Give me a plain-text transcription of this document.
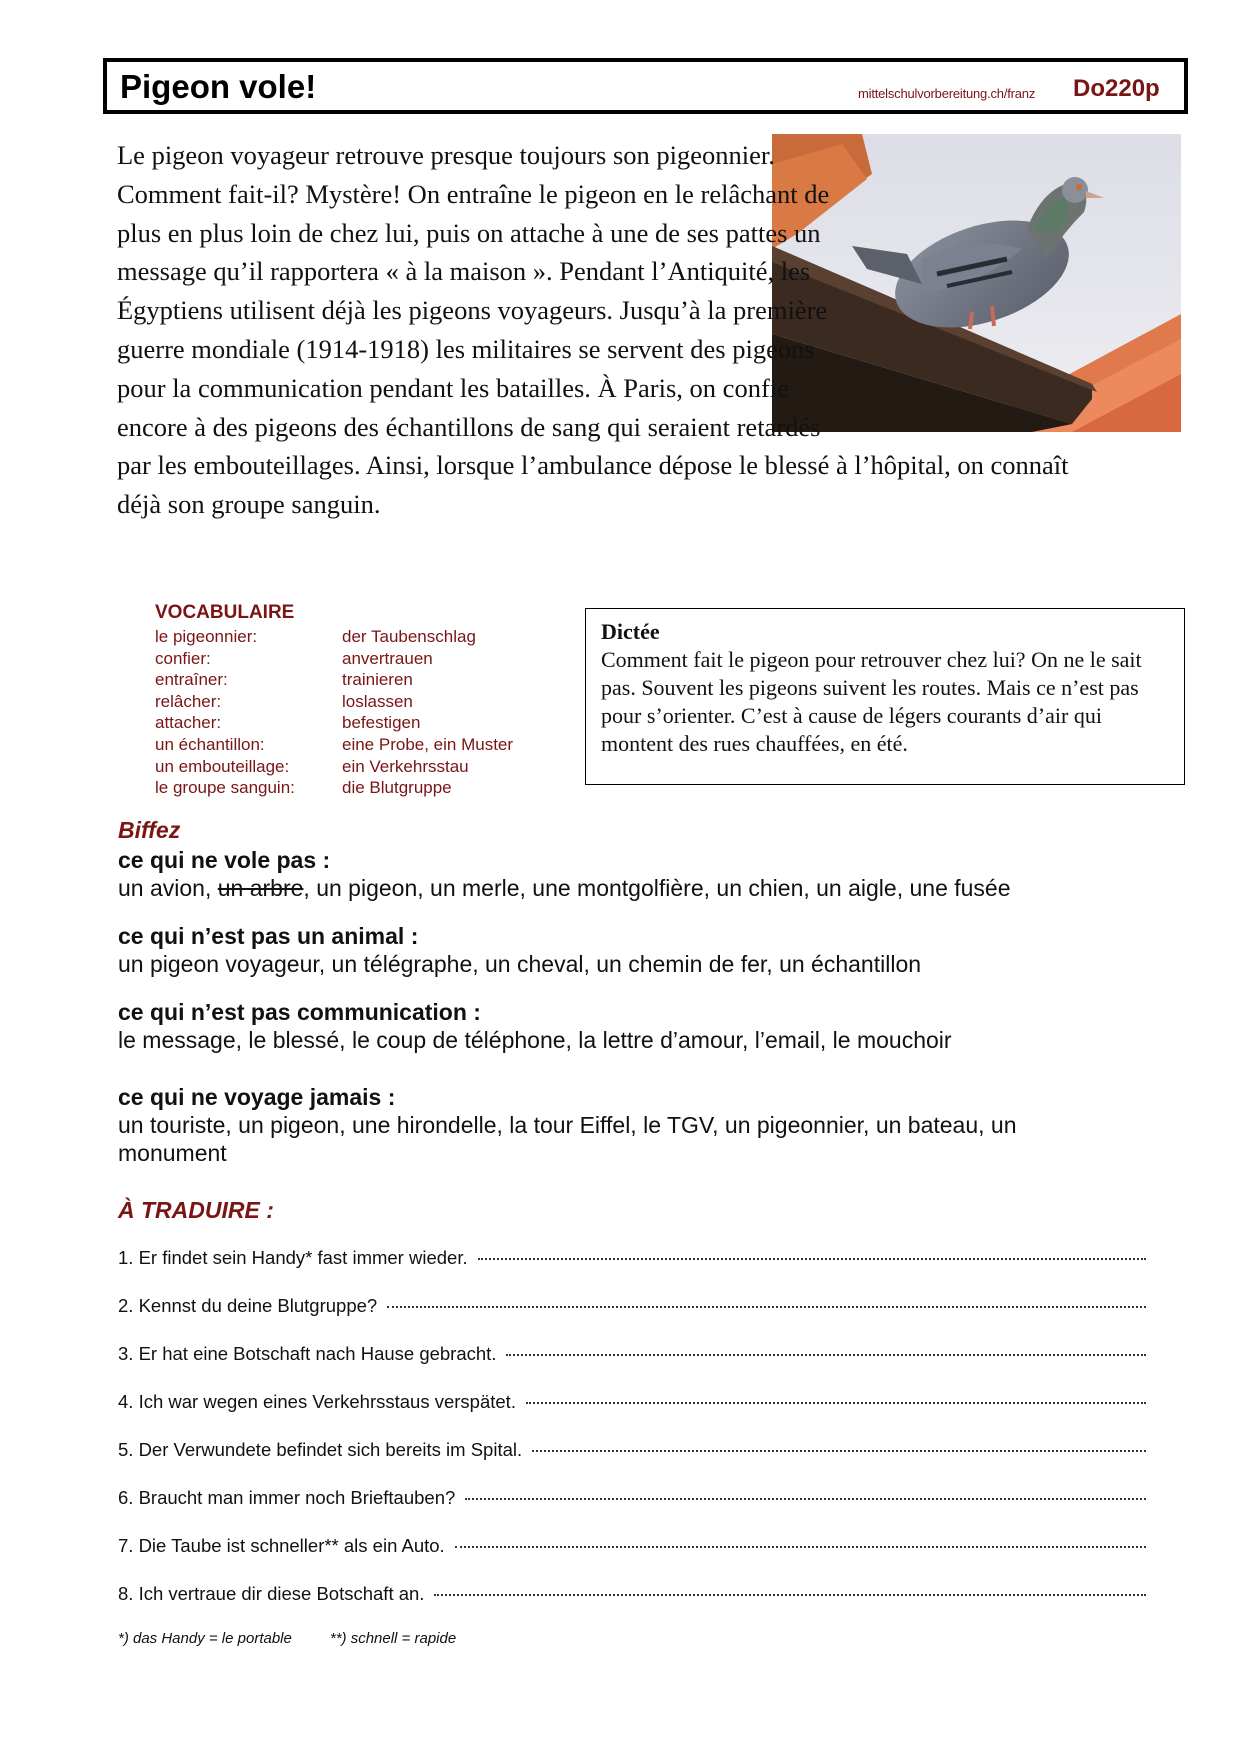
Pigeon vole!	mittelschulvorbereitung.ch/franz Do220p

Le pigeon voyageur retrouve presque toujours son pigeonnier. Comment fait-il? Mystère! On entraîne le pigeon en le relâchant de plus en plus loin de chez lui, puis on attache à une de ses pattes un message qu’il rapportera « à la maison ». Pendant l’Antiquité, les Égyptiens utilisent déjà les pigeons voyageurs. Jusqu’à la première guerre mondiale (1914-1918) les militaires se servent des pigeons pour la communication pendant les batailles. À Paris, on confie encore à des pigeons des échantillons de sang qui seraient retardés par les embouteillages. Ainsi, lorsque l’ambulance dépose le blessé à l’hôpital, on connaît déjà son groupe sanguin.

VOCABULAIRE
le pigeonnier:	der Taubenschlag
confier:	anvertrauen
entraîner:	trainieren
relâcher:	loslassen
attacher:	befestigen
un échantillon:	eine Probe, ein Muster
un embouteillage:	ein Verkehrsstau
le groupe sanguin:	die Blutgruppe
Dictée
Comment fait le pigeon pour retrouver chez lui? On ne le sait pas. Souvent les pigeons suivent les routes. Mais ce n’est pas pour s’orienter. C’est à cause de légers courants d’air qui montent des rues chauffées, en été.
Biffez
ce qui ne vole pas :
un avion, un arbre, un pigeon, un merle, une montgolfière, un chien, un aigle, une fusée
ce qui n’est pas un animal :
un pigeon voyageur, un télégraphe, un cheval, un chemin de fer, un échantillon
ce qui n’est pas communication :
le message, le blessé, le coup de téléphone, la lettre d’amour, l’email, le mouchoir
ce qui ne voyage jamais :
un touriste, un pigeon, une hirondelle, la tour Eiffel, le TGV, un pigeonnier, un bateau, un monument
À TRADUIRE :
1. Er findet sein Handy* fast immer wieder.
2. Kennst du deine Blutgruppe?
3. Er hat eine Botschaft nach Hause gebracht.
4. Ich war wegen eines Verkehrsstaus verspätet.
5. Der Verwundete befindet sich bereits im Spital.
6. Braucht man immer noch Brieftauben?
7. Die Taube ist schneller** als ein Auto.
8. Ich vertraue dir diese Botschaft an.
*) das Handy = le portable	**) schnell = rapide
